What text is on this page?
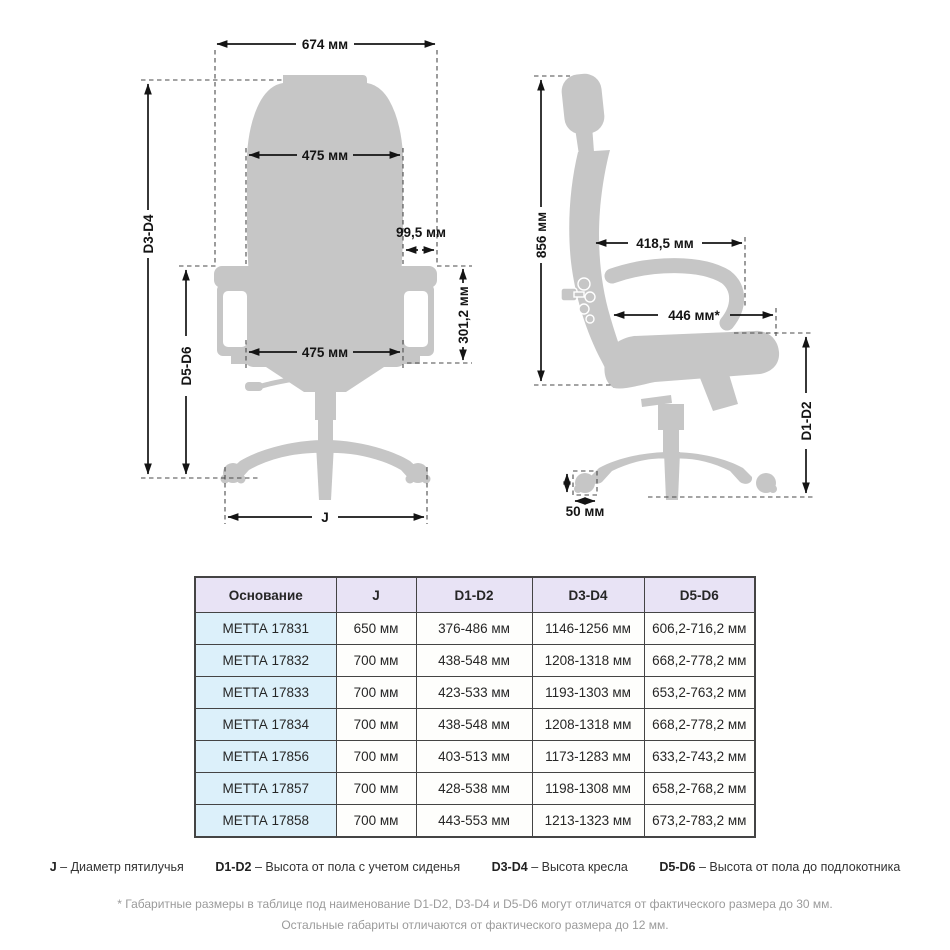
674 мм
D3-D4
D5-D6
475 мм
99,5 мм
301,2 мм
475 мм
J
856 мм	418,5 мм
446 мм*
D1-D2
50 мм
Основание	J	D1-D2	D3-D4	D5-D6
МЕТТА 17831	650 мм	376-486 мм	1146-1256 мм	606,2-716,2 мм
МЕТТА 17832	700 мм	438-548 мм	1208-1318 мм	668,2-778,2 мм
МЕТТА 17833	700 мм	423-533 мм	1193-1303 мм	653,2-763,2 мм
МЕТТА 17834	700 мм	438-548 мм	1208-1318 мм	668,2-778,2 мм
МЕТТА 17856	700 мм	403-513 мм	1173-1283 мм	633,2-743,2 мм
МЕТТА 17857	700 мм	428-538 мм	1198-1308 мм	658,2-768,2 мм
МЕТТА 17858	700 мм	443-553 мм	1213-1323 мм	673,2-783,2 мм
J – Диаметр пятилучья	D1-D2 – Высота от пола с учетом сиденья	D3-D4 – Высота кресла	D5-D6 – Высота от пола до подлокотника
* Габаритные размеры в таблице под наименование D1-D2, D3-D4 и D5-D6 могут отличатся от фактического размера до 30 мм.
Остальные габариты отличаются от фактического размера до 12 мм.
